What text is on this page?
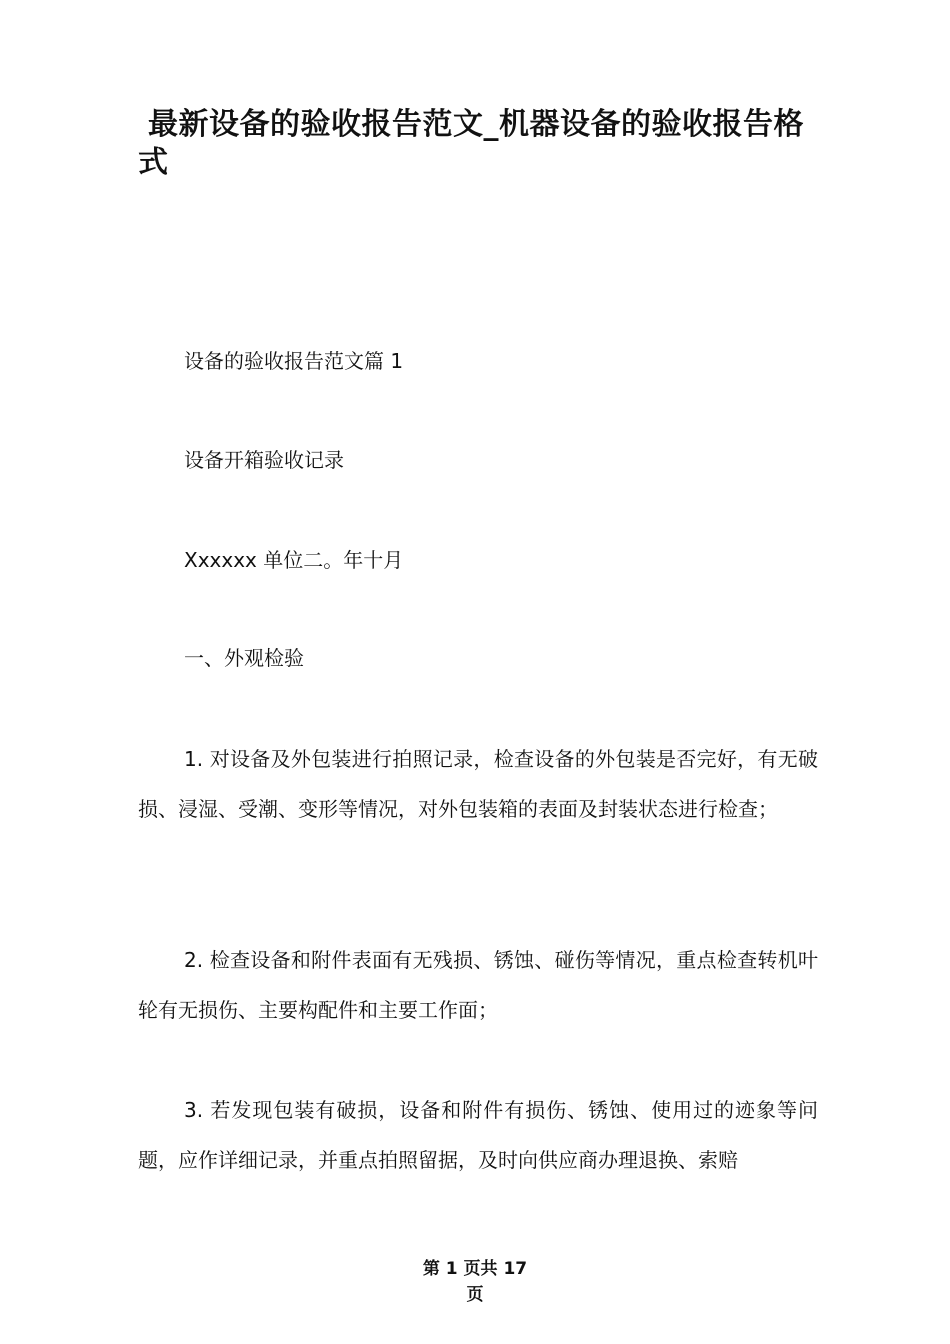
最新设备的验收报告范文_机器设备的验收报告格式

设备的验收报告范文篇 1

设备开箱验收记录

Xxxxxx 单位二。年十月

一、外观检验

1. 对设备及外包装进行拍照记录，检查设备的外包装是否完好，有无破损、浸湿、受潮、变形等情况，对外包装箱的表面及封装状态进行检查；

2. 检查设备和附件表面有无残损、锈蚀、碰伤等情况，重点检查转机叶轮有无损伤、主要构配件和主要工作面；

3. 若发现包装有破损，设备和附件有损伤、锈蚀、使用过的迹象等问题，应作详细记录，并重点拍照留据，及时向供应商办理退换、索赔

第 1 页共 17
页
